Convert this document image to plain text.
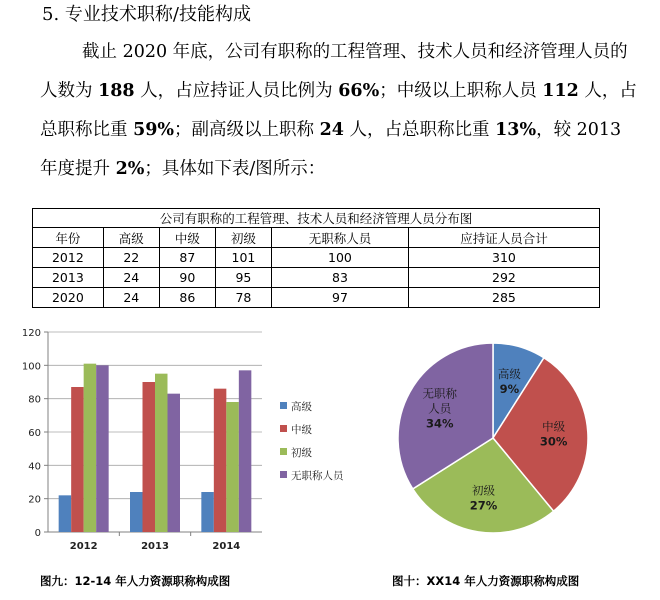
5. 专业技术职称/技能构成
截止 2020 年底，公司有职称的工程管理、技术人员和经济管理人员的人数为 188 人，占应持证人员比例为 66%；中级以上职称人员 112 人，占总职称比重 59%；副高级以上职称 24 人，占总职称比重 13%，较 2013 年度提升 2%；具体如下表/图所示：
公司有职称的工程管理、技术人员和经济管理人员分布图					
年份	高级	中级	初级	无职称人员	应持证人员合计
2012	22	87	101	100	310
2013	24	90	95	83	292
2020	24	86	78	97	285
0
20
40
60
80
100
120
2012	2013	2014
高级
中级
初级
无职称人员
高级
9%
中级
30%
初级
27%
无职称
人员
34%
图九：12-14 年人力资源职称构成图	图十：XX14 年人力资源职称构成图
